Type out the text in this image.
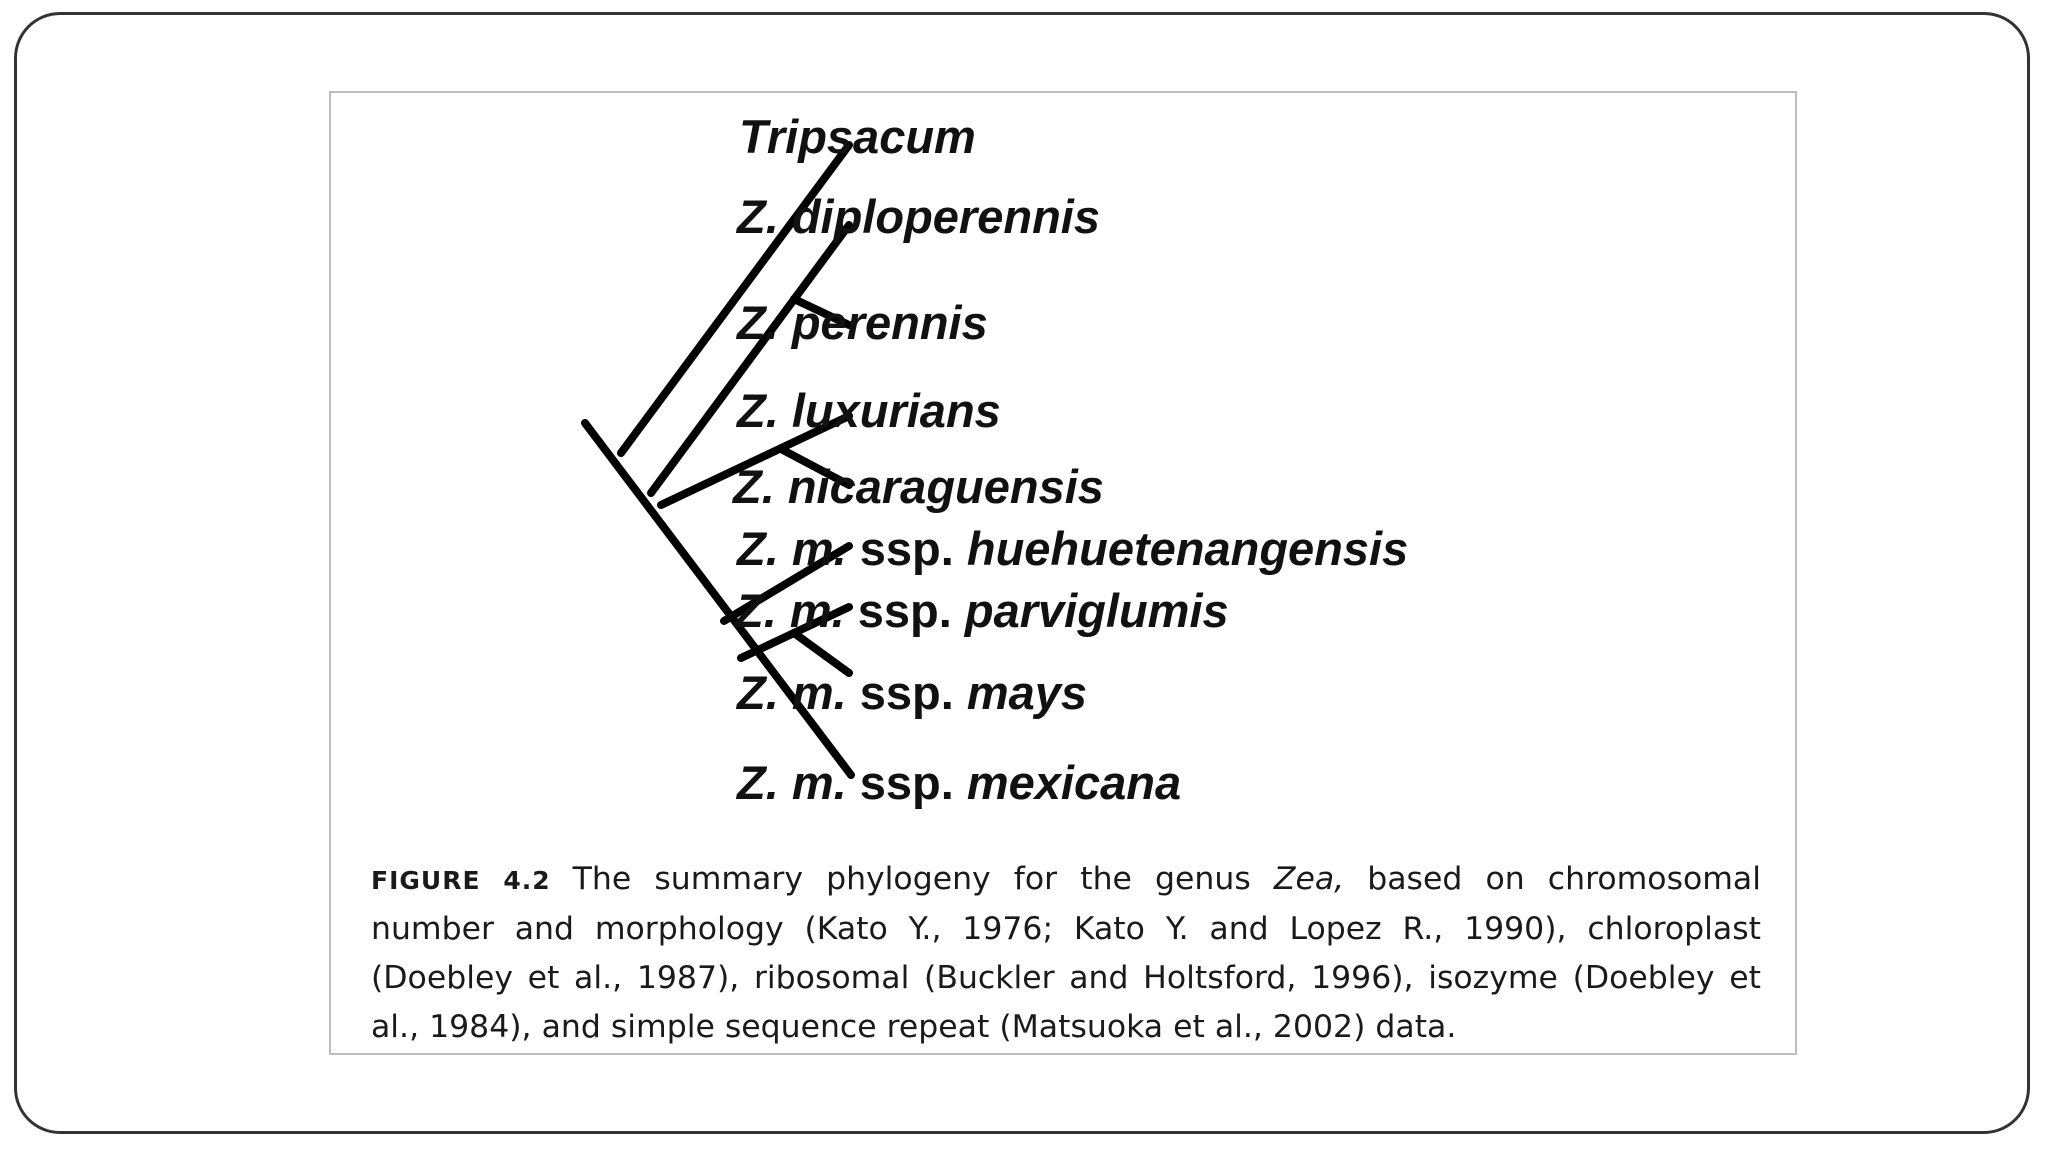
Tripsacum
Z. diploperennis
Z. perennis
Z. luxurians
Z. nicaraguensis
Z. m. ssp. huehuetenangensis
Z. m. ssp. parviglumis
Z. m. ssp. mays
Z. m. ssp. mexicana
FIGURE 4.2 The summary phylogeny for the genus Zea, based on chromosomal number and morphology (Kato Y., 1976; Kato Y. and Lopez R., 1990), chloroplast (Doebley et al., 1987), ribosomal (Buckler and Holtsford, 1996), isozyme (Doebley et al., 1984), and simple sequence repeat (Matsuoka et al., 2002) data.
